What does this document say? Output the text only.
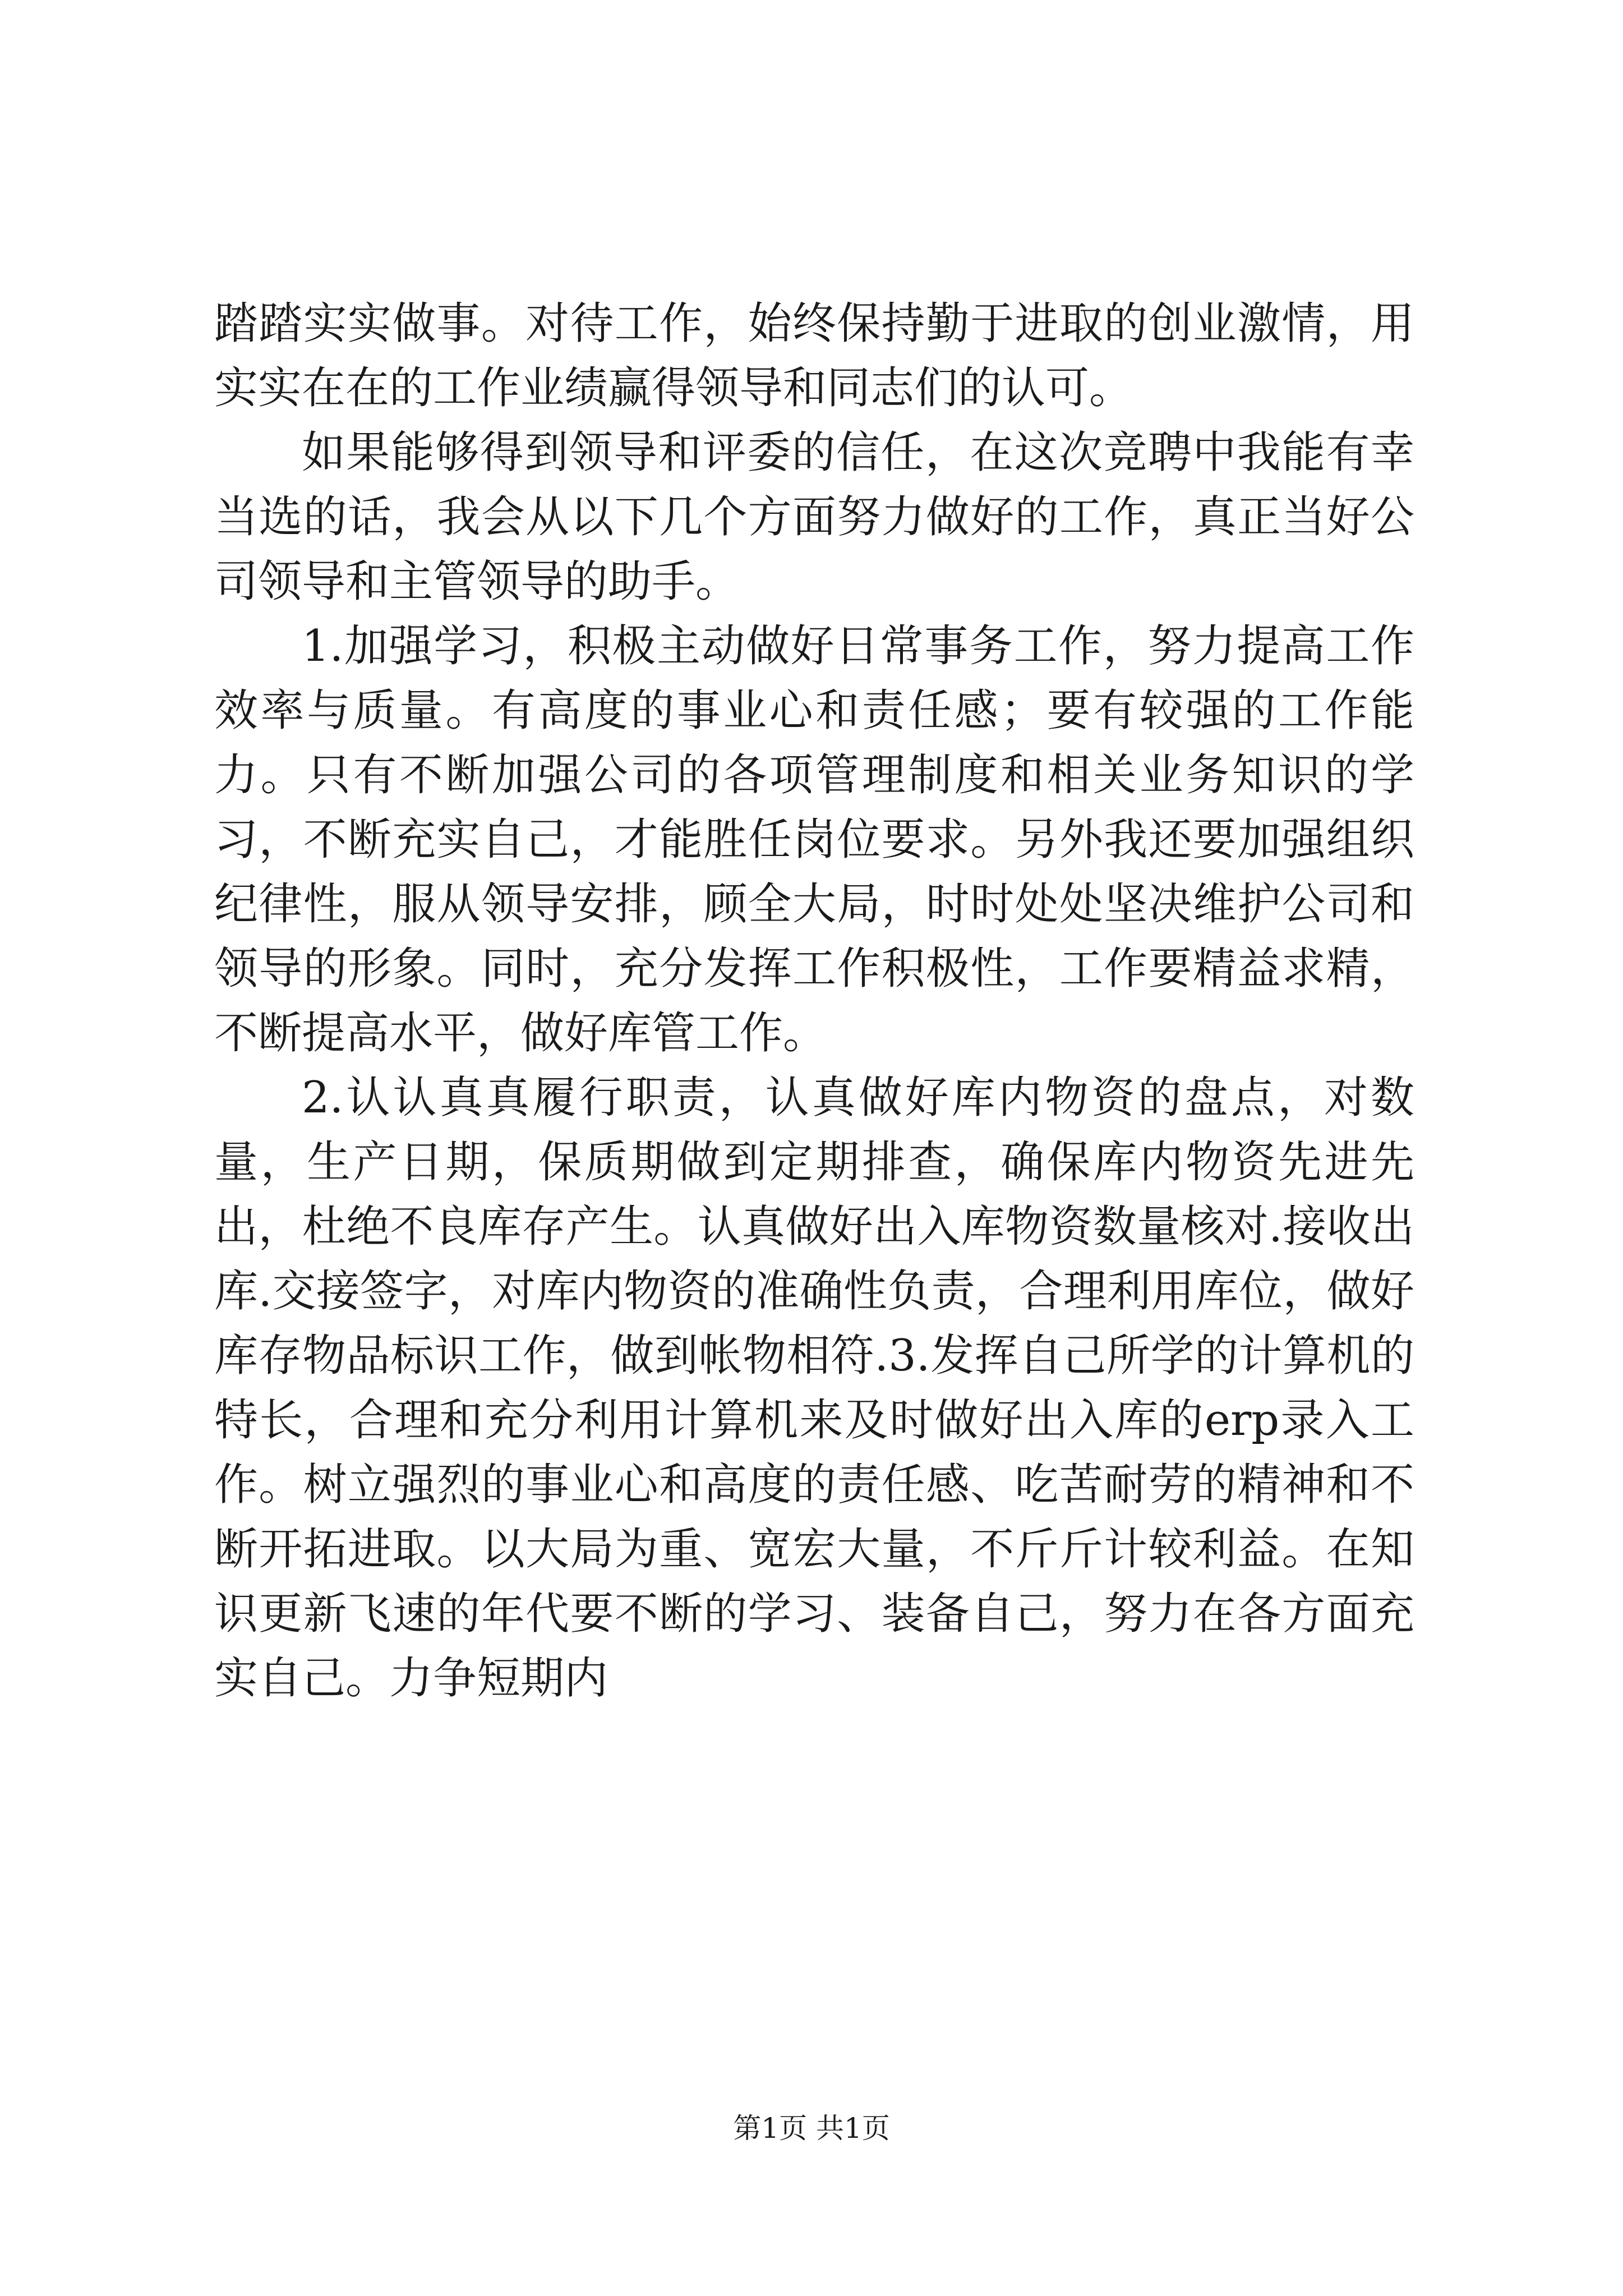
踏踏实实做事。对待工作，始终保持勤于进取的创业激情，用实实在在的工作业绩赢得领导和同志们的认可。

如果能够得到领导和评委的信任，在这次竞聘中我能有幸当选的话，我会从以下几个方面努力做好的工作，真正当好公司领导和主管领导的助手。

1.加强学习，积极主动做好日常事务工作，努力提高工作效率与质量。有高度的事业心和责任感；要有较强的工作能力。只有不断加强公司的各项管理制度和相关业务知识的学习，不断充实自己，才能胜任岗位要求。另外我还要加强组织纪律性，服从领导安排，顾全大局，时时处处坚决维护公司和领导的形象。同时，充分发挥工作积极性，工作要精益求精，不断提高水平，做好库管工作。

2.认认真真履行职责，认真做好库内物资的盘点，对数量，生产日期，保质期做到定期排查，确保库内物资先进先出，杜绝不良库存产生。认真做好出入库物资数量核对.接收出库.交接签字，对库内物资的准确性负责，合理利用库位，做好库存物品标识工作，做到帐物相符.3.发挥自己所学的计算机的特长，合理和充分利用计算机来及时做好出入库的erp录入工作。树立强烈的事业心和高度的责任感、吃苦耐劳的精神和不断开拓进取。以大局为重、宽宏大量，不斤斤计较利益。在知识更新飞速的年代要不断的学习、装备自己，努力在各方面充实自己。力争短期内

第1页 共1页
